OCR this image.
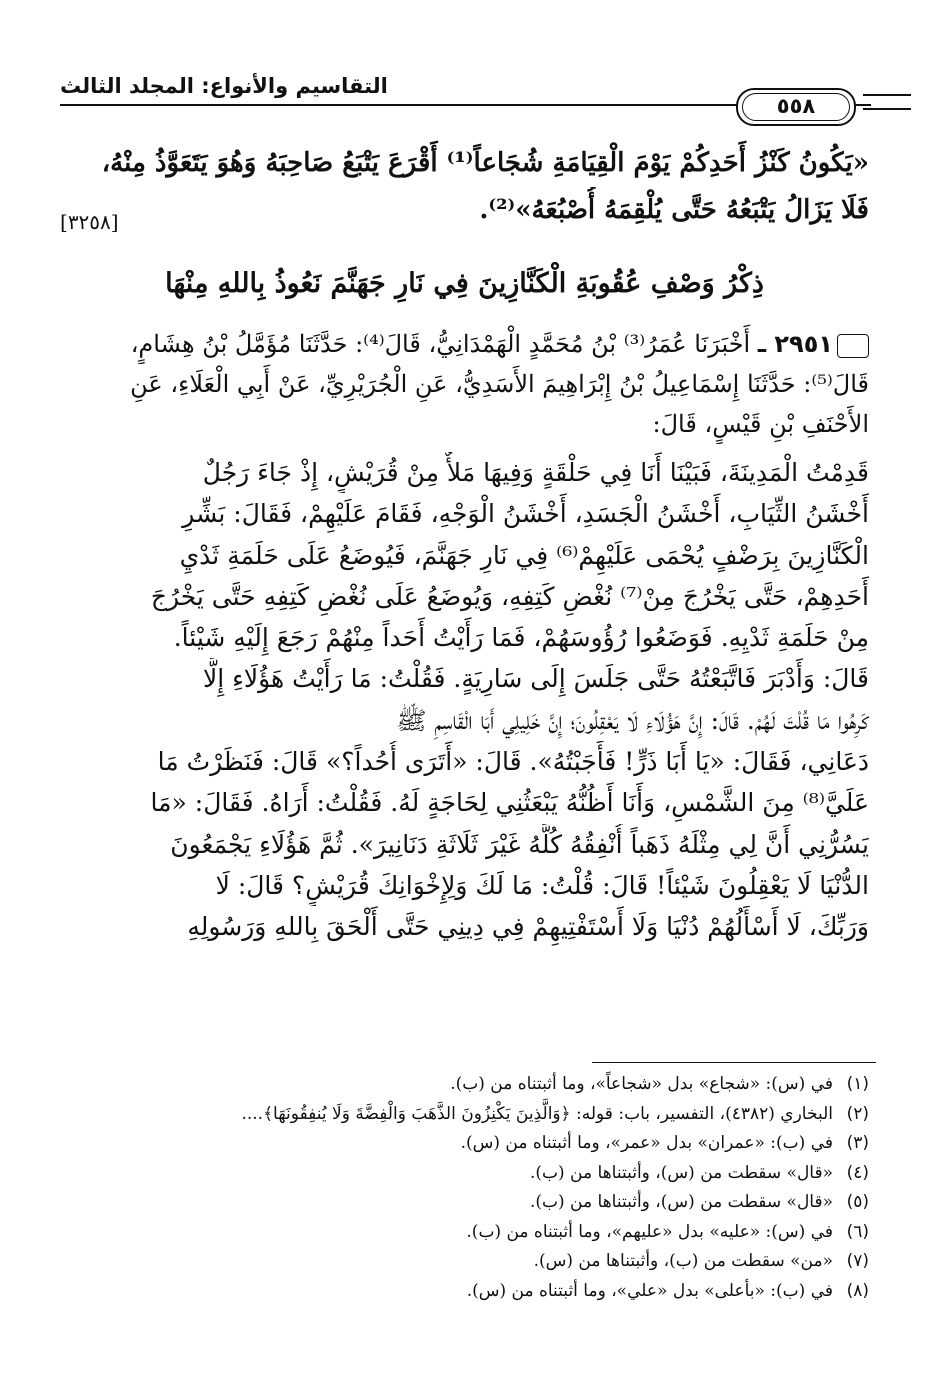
التقاسيم والأنواع: المجلد الثالث
٥٥٨
«يَكُونُ كَنْزُ أَحَدِكُمْ يَوْمَ الْقِيَامَةِ شُجَاعاً⁽¹⁾ أَقْرَعَ يَتْبَعُ صَاحِبَهُ وَهُوَ يَتَعَوَّذُ مِنْهُ،
فَلَا يَزَالُ يَتْبَعُهُ حَتَّى يُلْقِمَهُ أُصْبُعَهُ»⁽²⁾.
[٣٢٥٨]
ذِكْرُ وَصْفِ عُقُوبَةِ الْكَنَّازِينَ فِي نَارِ جَهَنَّمَ نَعُوذُ بِاللهِ مِنْهَا
٢٩٥١ ـ أَخْبَرَنَا عُمَرُ⁽³⁾ بْنُ مُحَمَّدٍ الْهَمْدَانِيُّ، قَالَ⁽⁴⁾: حَدَّثَنَا مُؤَمَّلُ بْنُ هِشَامٍ،
قَالَ⁽⁵⁾: حَدَّثَنَا إِسْمَاعِيلُ بْنُ إِبْرَاهِيمَ الأَسَدِيُّ، عَنِ الْجُرَيْرِيِّ، عَنْ أَبِي الْعَلَاءِ، عَنِ
الأَحْنَفِ بْنِ قَيْسٍ، قَالَ:
قَدِمْتُ الْمَدِينَةَ، فَبَيْنَا أَنَا فِي حَلْقَةٍ وَفِيهَا مَلأٌ مِنْ قُرَيْشٍ، إِذْ جَاءَ رَجُلٌ
أَخْشَنُ الثِّيَابِ، أَخْشَنُ الْجَسَدِ، أَخْشَنُ الْوَجْهِ، فَقَامَ عَلَيْهِمْ، فَقَالَ: بَشِّرِ
الْكَنَّازِينَ بِرَضْفٍ يُحْمَى عَلَيْهِمْ⁽⁶⁾ فِي نَارِ جَهَنَّمَ، فَيُوضَعُ عَلَى حَلَمَةِ ثَدْيِ
أَحَدِهِمْ، حَتَّى يَخْرُجَ مِنْ⁽⁷⁾ نُغْضِ كَتِفِهِ، وَيُوضَعُ عَلَى نُغْضِ كَتِفِهِ حَتَّى يَخْرُجَ
مِنْ حَلَمَةِ ثَدْيِهِ. فَوَضَعُوا رُؤُوسَهُمْ، فَمَا رَأَيْتُ أَحَداً مِنْهُمْ رَجَعَ إِلَيْهِ شَيْئاً.
قَالَ: وَأَدْبَرَ فَاتَّبَعْتُهُ حَتَّى جَلَسَ إِلَى سَارِيَةٍ. فَقُلْتُ: مَا رَأَيْتُ هَؤُلَاءِ إِلَّا
كَرِهُوا مَا قُلْتَ لَهُمْ. قَالَ: إِنَّ هَؤُلَاءِ لَا يَعْقِلُونَ؛ إِنَّ خَلِيلِي أَبَا الْقَاسِمِ ﷺ
دَعَانِي، فَقَالَ: «يَا أَبَا ذَرٍّ! فَأَجَبْتُهُ». قَالَ: «أَتَرَى أُحُداً؟» قَالَ: فَنَظَرْتُ مَا
عَلَيَّ⁽⁸⁾ مِنَ الشَّمْسِ، وَأَنَا أَظُنُّهُ يَبْعَثُنِي لِحَاجَةٍ لَهُ. فَقُلْتُ: أَرَاهُ. فَقَالَ: «مَا
يَسُرُّنِي أَنَّ لِي مِثْلَهُ ذَهَباً أُنْفِقُهُ كُلَّهُ غَيْرَ ثَلَاثَةِ دَنَانِيرَ». ثُمَّ هَؤُلَاءِ يَجْمَعُونَ
الدُّنْيَا لَا يَعْقِلُونَ شَيْئاً! قَالَ: قُلْتُ: مَا لَكَ وَلِإِخْوَانِكَ قُرَيْشٍ؟ قَالَ: لَا
وَرَبِّكَ، لَا أَسْأَلُهُمْ دُنْيَا وَلَا أَسْتَفْتِيهِمْ فِي دِينِي حَتَّى أَلْحَقَ بِاللهِ وَرَسُولِهِ
(١)في (س): «شجاع» بدل «شجاعاً»، وما أثبتناه من (ب).
(٢)البخاري (٤٣٨٢)، التفسير، باب: قوله: ﴿وَالَّذِينَ يَكْنِزُونَ الذَّهَبَ وَالْفِضَّةَ وَلَا يُنفِقُونَهَا﴾....
(٣)في (ب): «عمران» بدل «عمر»، وما أثبتناه من (س).
(٤)«قال» سقطت من (س)، وأثبتناها من (ب).
(٥)«قال» سقطت من (س)، وأثبتناها من (ب).
(٦)في (س): «عليه» بدل «عليهم»، وما أثبتناه من (ب).
(٧)«من» سقطت من (ب)، وأثبتناها من (س).
(٨)في (ب): «بأعلى» بدل «علي»، وما أثبتناه من (س).
